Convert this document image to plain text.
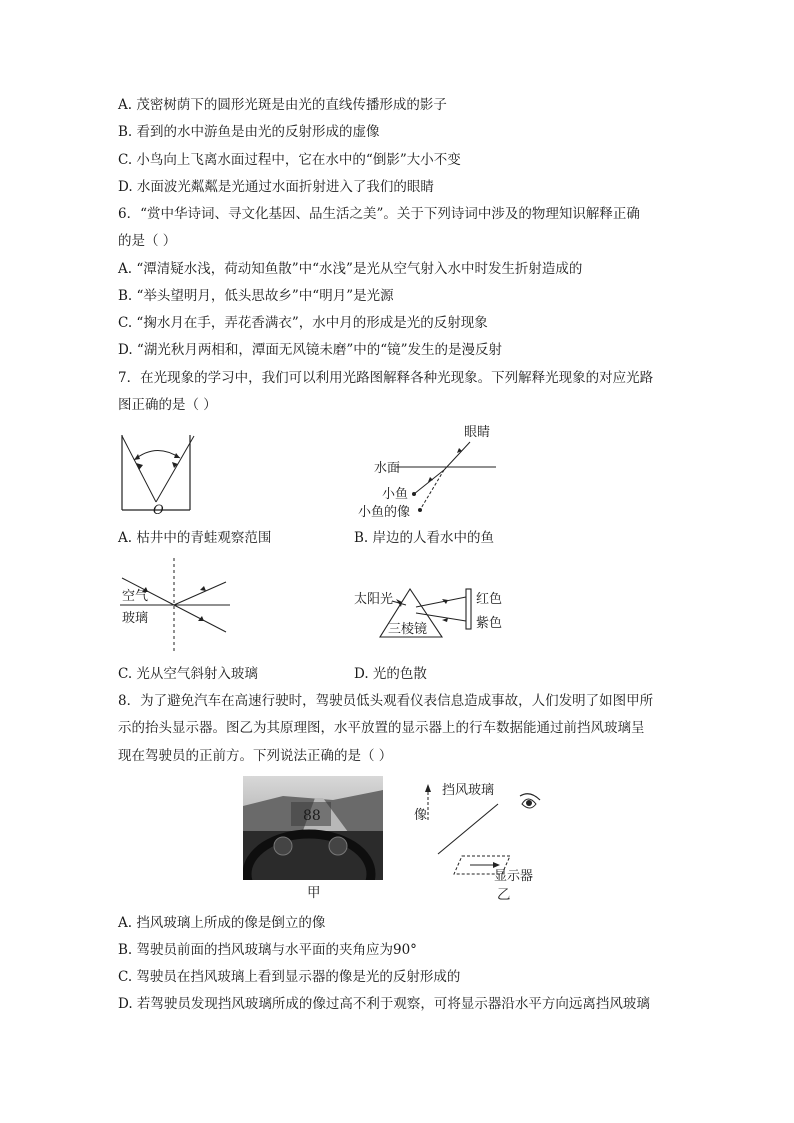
A. 茂密树荫下的圆形光斑是由光的直线传播形成的影子
B. 看到的水中游鱼是由光的反射形成的虚像
C. 小鸟向上飞离水面过程中，它在水中的“倒影”大小不变
D. 水面波光粼粼是光通过水面折射进入了我们的眼睛
6．“赏中华诗词、寻文化基因、品生活之美”。关于下列诗词中涉及的物理知识解释正确
的是（ ）
A. “潭清疑水浅，荷动知鱼散”中“水浅”是光从空气射入水中时发生折射造成的
B. “举头望明月，低头思故乡”中“明月”是光源
C. “掬水月在手，弄花香满衣”，水中月的形成是光的反射现象
D. “湖光秋月两相和，潭面无风镜未磨”中的“镜”发生的是漫反射
7．在光现象的学习中，我们可以利用光路图解释各种光现象。下列解释光现象的对应光路
图正确的是（ ）
O
A. 枯井中的青蛙观察范围
眼睛
水面
小鱼
小鱼的像
B. 岸边的人看水中的鱼
空气
玻璃
C. 光从空气斜射入玻璃
太阳光
三棱镜
红色
紫色
D. 光的色散
8．为了避免汽车在高速行驶时，驾驶员低头观看仪表信息造成事故，人们发明了如图甲所
示的抬头显示器。图乙为其原理图，水平放置的显示器上的行车数据能通过前挡风玻璃呈
现在驾驶员的正前方。下列说法正确的是（ ）
88
甲
像
挡风玻璃
显示器
乙
A. 挡风玻璃上所成的像是倒立的像
B. 驾驶员前面的挡风玻璃与水平面的夹角应为90°
C. 驾驶员在挡风玻璃上看到显示器的像是光的反射形成的
D. 若驾驶员发现挡风玻璃所成的像过高不利于观察，可将显示器沿水平方向远离挡风玻璃
